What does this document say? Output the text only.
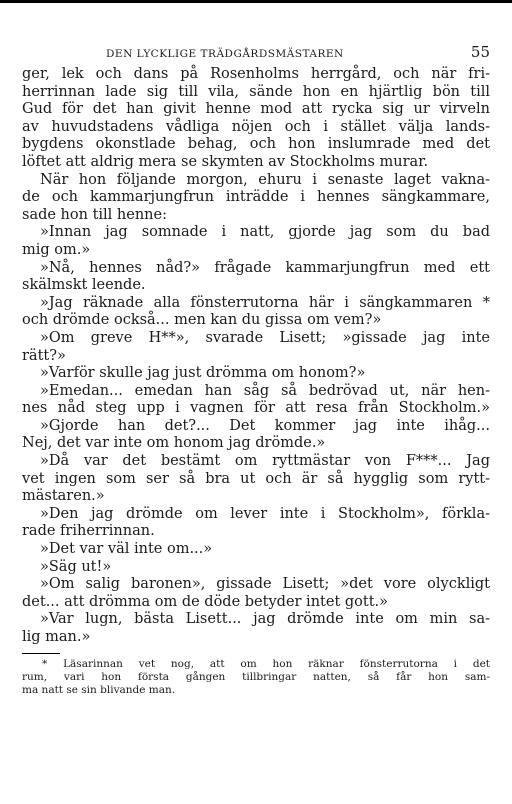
DEN LYCKLIGE TRÄDGÅRDSMÄSTAREN	55
ger, lek och dans på Rosenholms herrgård, och när fri-
herrinnan lade sig till vila, sände hon en hjärtlig bön till
Gud för det han givit henne mod att rycka sig ur virveln
av huvudstadens vådliga nöjen och i stället välja lands-
bygdens okonstlade behag, och hon inslumrade med det
löftet att aldrig mera se skymten av Stockholms murar.
När hon följande morgon, ehuru i senaste laget vakna-
de och kammarjungfrun inträdde i hennes sängkammare,
sade hon till henne:
»Innan jag somnade i natt, gjorde jag som du bad
mig om.»
»Nå, hennes nåd?» frågade kammarjungfrun med ett
skälmskt leende.
»Jag räknade alla fönsterrutorna här i sängkammaren *
och drömde också... men kan du gissa om vem?»
»Om greve H**», svarade Lisett; »gissade jag inte
rätt?»
»Varför skulle jag just drömma om honom?»
»Emedan... emedan han såg så bedrövad ut, när hen-
nes nåd steg upp i vagnen för att resa från Stockholm.»
»Gjorde han det?... Det kommer jag inte ihåg...
Nej, det var inte om honom jag drömde.»
»Då var det bestämt om ryttmästar von F***... Jag
vet ingen som ser så bra ut och är så hygglig som rytt-
mästaren.»
»Den jag drömde om lever inte i Stockholm», förkla-
rade friherrinnan.
»Det var väl inte om...»
»Säg ut!»
»Om salig baronen», gissade Lisett; »det vore olyckligt
det... att drömma om de döde betyder intet gott.»
»Var lugn, bästa Lisett... jag drömde inte om min sa-
lig man.»
* Läsarinnan vet nog, att om hon räknar fönsterrutorna i det
rum, vari hon första gången tillbringar natten, så får hon sam-
ma natt se sin blivande man.
